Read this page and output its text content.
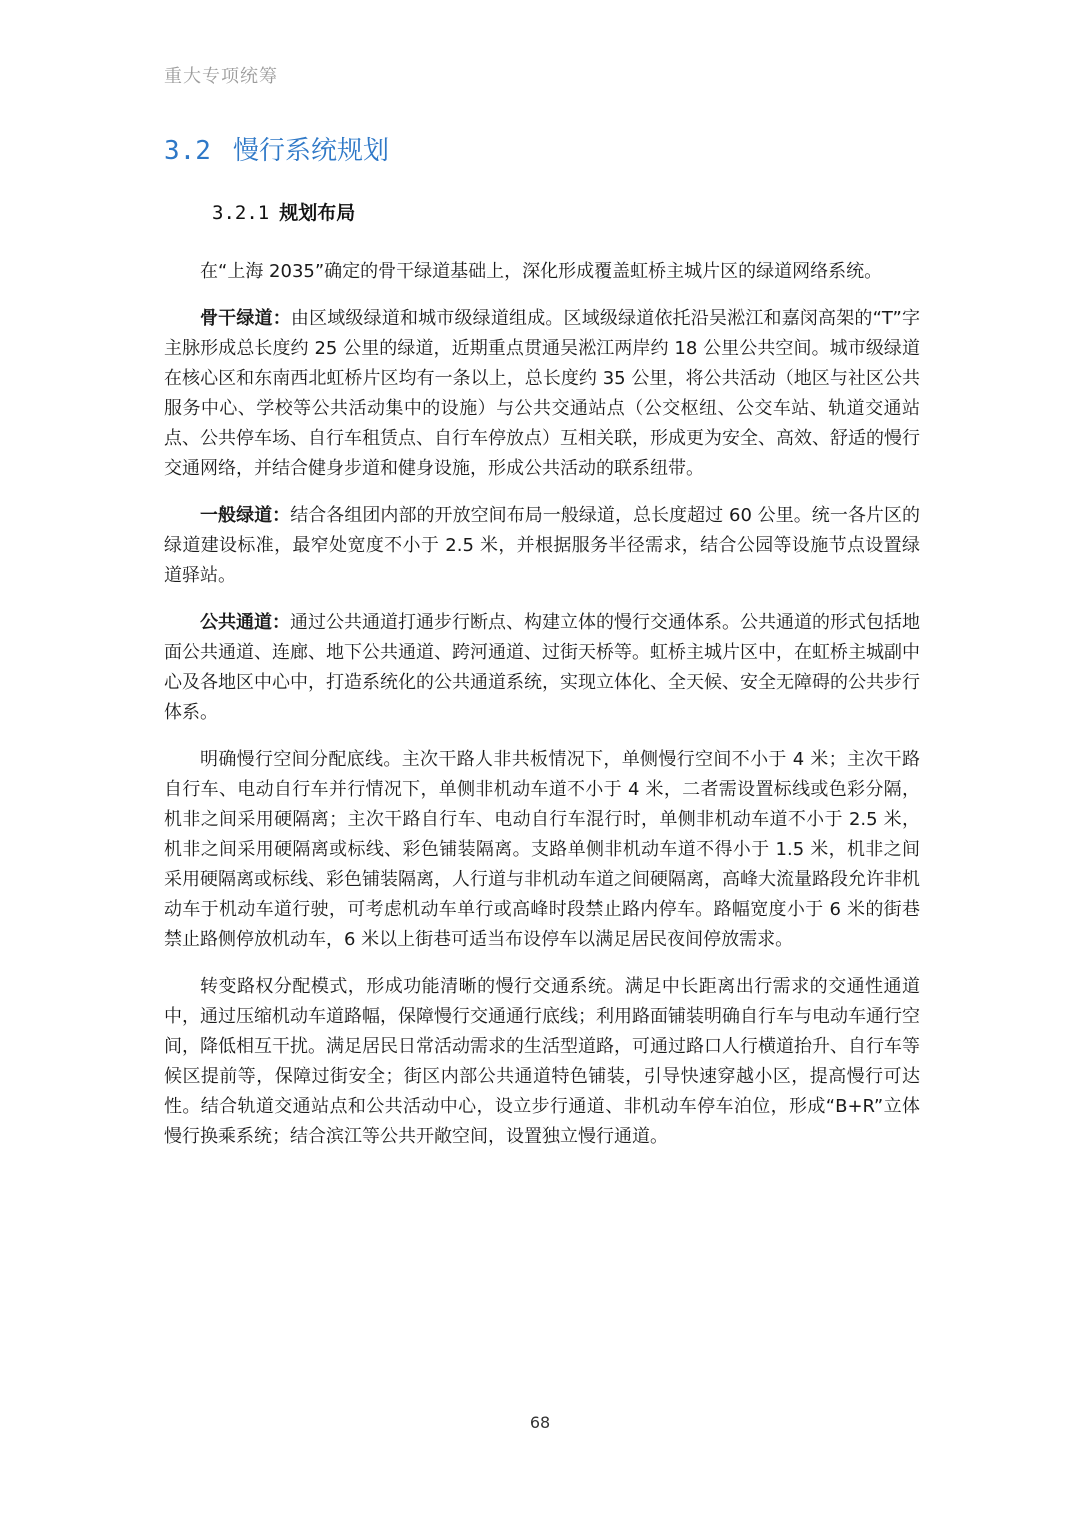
重大专项统筹
3.2 慢行系统规划
3.2.1 规划布局

在“上海 2035”确定的骨干绿道基础上，深化形成覆盖虹桥主城片区的绿道网络系统。

骨干绿道：由区域级绿道和城市级绿道组成。区域级绿道依托沿吴淞江和嘉闵高架的“T”字主脉形成总长度约 25 公里的绿道，近期重点贯通吴淞江两岸约 18 公里公共空间。城市级绿道在核心区和东南西北虹桥片区均有一条以上，总长度约 35 公里，将公共活动（地区与社区公共服务中心、学校等公共活动集中的设施）与公共交通站点（公交枢纽、公交车站、轨道交通站点、公共停车场、自行车租赁点、自行车停放点）互相关联，形成更为安全、高效、舒适的慢行交通网络，并结合健身步道和健身设施，形成公共活动的联系纽带。

一般绿道：结合各组团内部的开放空间布局一般绿道，总长度超过 60 公里。统一各片区的绿道建设标准，最窄处宽度不小于 2.5 米，并根据服务半径需求，结合公园等设施节点设置绿道驿站。

公共通道：通过公共通道打通步行断点、构建立体的慢行交通体系。公共通道的形式包括地面公共通道、连廊、地下公共通道、跨河通道、过街天桥等。虹桥主城片区中，在虹桥主城副中心及各地区中心中，打造系统化的公共通道系统，实现立体化、全天候、安全无障碍的公共步行体系。

明确慢行空间分配底线。主次干路人非共板情况下，单侧慢行空间不小于 4 米；主次干路自行车、电动自行车并行情况下，单侧非机动车道不小于 4 米，二者需设置标线或色彩分隔，机非之间采用硬隔离；主次干路自行车、电动自行车混行时，单侧非机动车道不小于 2.5 米，机非之间采用硬隔离或标线、彩色铺装隔离。支路单侧非机动车道不得小于 1.5 米，机非之间采用硬隔离或标线、彩色铺装隔离，人行道与非机动车道之间硬隔离，高峰大流量路段允许非机动车于机动车道行驶，可考虑机动车单行或高峰时段禁止路内停车。路幅宽度小于 6 米的街巷禁止路侧停放机动车，6 米以上街巷可适当布设停车以满足居民夜间停放需求。

转变路权分配模式，形成功能清晰的慢行交通系统。满足中长距离出行需求的交通性通道中，通过压缩机动车道路幅，保障慢行交通通行底线；利用路面铺装明确自行车与电动车通行空间，降低相互干扰。满足居民日常活动需求的生活型道路，可通过路口人行横道抬升、自行车等候区提前等，保障过街安全；街区内部公共通道特色铺装，引导快速穿越小区，提高慢行可达性。结合轨道交通站点和公共活动中心，设立步行通道、非机动车停车泊位，形成“B+R”立体慢行换乘系统；结合滨江等公共开敞空间，设置独立慢行通道。

68
